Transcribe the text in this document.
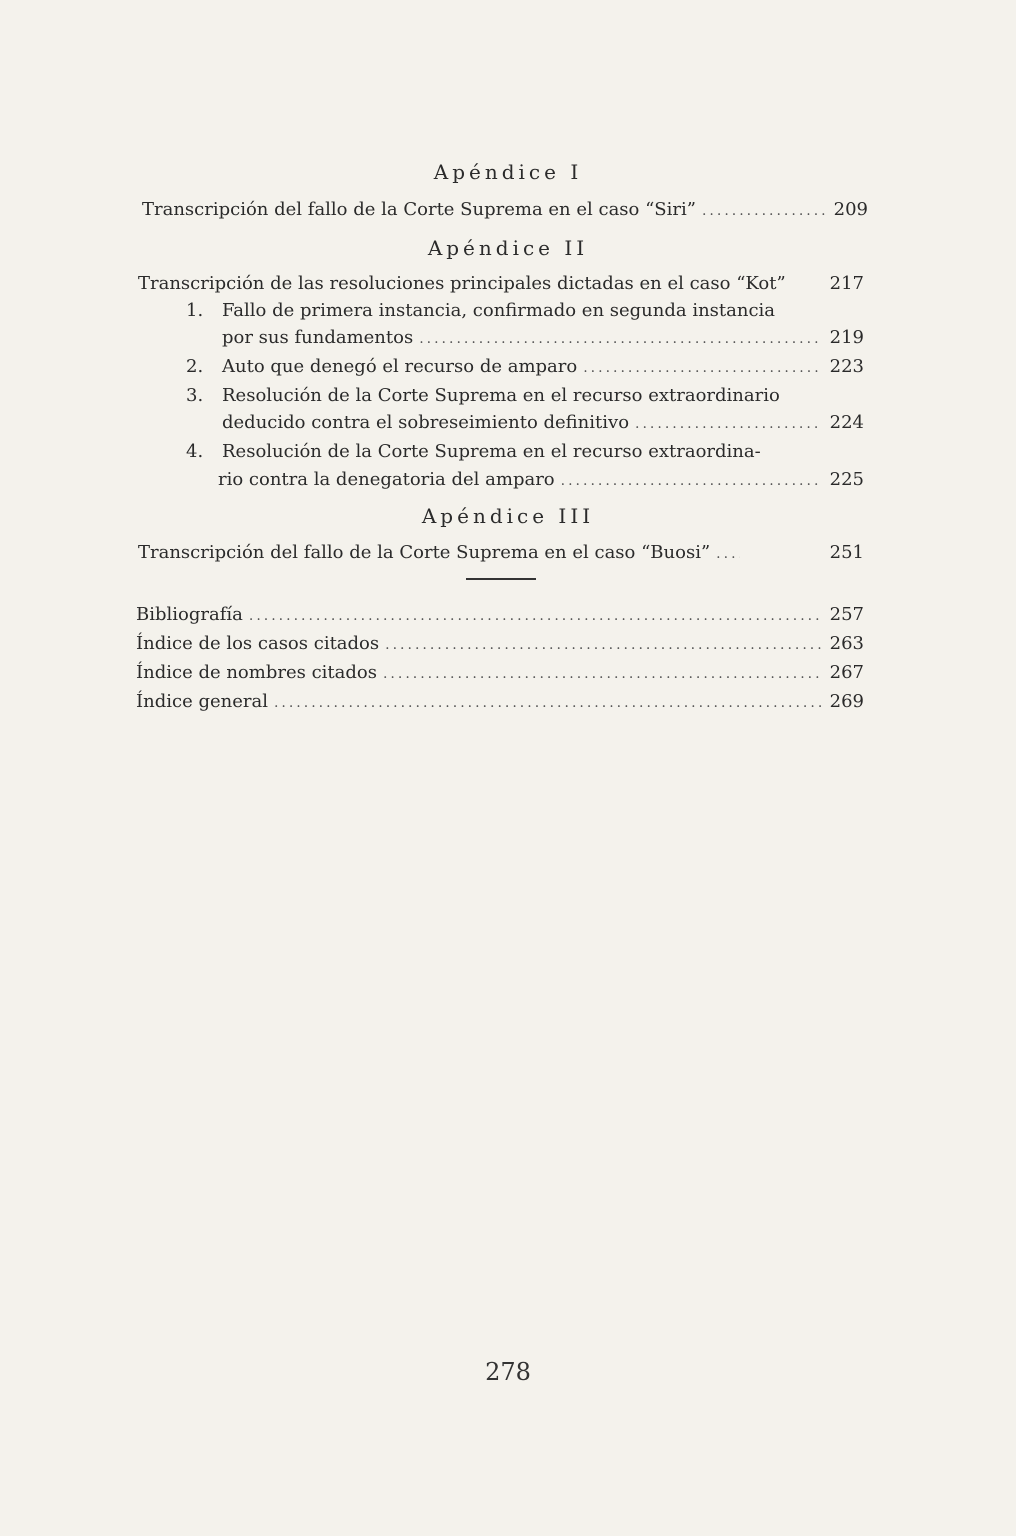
Apéndice I
Transcripción del fallo de la Corte Suprema en el caso “Siri” .....	209
Apéndice II
Transcripción de las resoluciones principales dictadas en el caso “Kot” 217
1. Fallo de primera instancia, confirmado en segunda instancia
por sus fundamentos .....	219
2. Auto que denegó el recurso de amparo .....	223
3. Resolución de la Corte Suprema en el recurso extraordinario
deducido contra el sobreseimiento definitivo .....	224
4. Resolución de la Corte Suprema en el recurso extraordina-
rio contra la denegatoria del amparo .....	225
Apéndice III
Transcripción del fallo de la Corte Suprema en el caso “Buosi” .....	251
Bibliografía .....	257
Índice de los casos citados .....	263
Índice de nombres citados .....	267
Índice general .....	269
278
